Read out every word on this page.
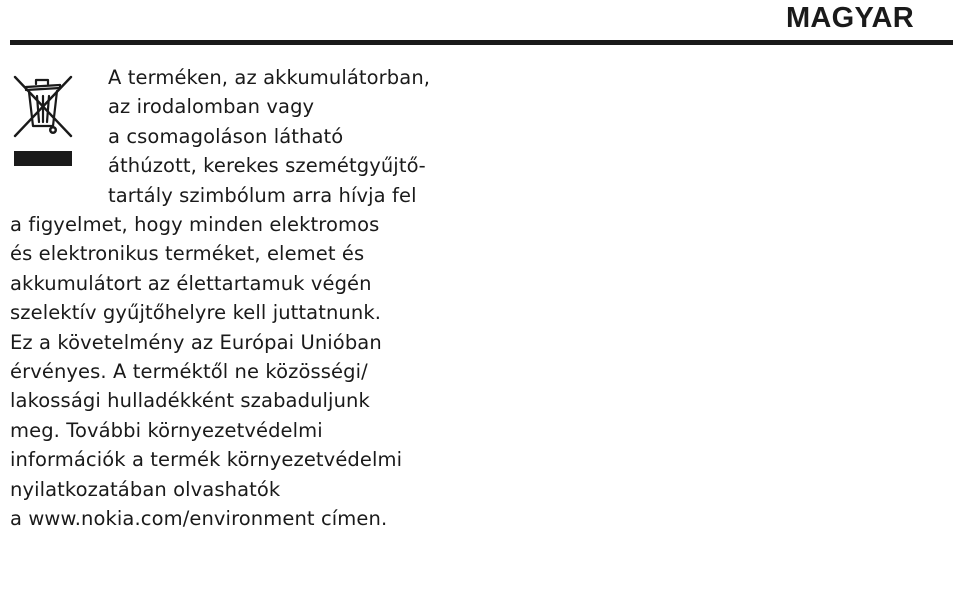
MAGYAR
A terméken, az akkumulátorban,
az irodalomban vagy
a csomagoláson látható
áthúzott, kerekes szemétgyűjtő-
tartály szimbólum arra hívja fel
a figyelmet, hogy minden elektromos
és elektronikus terméket, elemet és
akkumulátort az élettartamuk végén
szelektív gyűjtőhelyre kell juttatnunk.
Ez a követelmény az Európai Unióban
érvényes. A terméktől ne közösségi/
lakossági hulladékként szabaduljunk
meg. További környezetvédelmi
információk a termék környezetvédelmi
nyilatkozatában olvashatók
a www.nokia.com/environment címen.
